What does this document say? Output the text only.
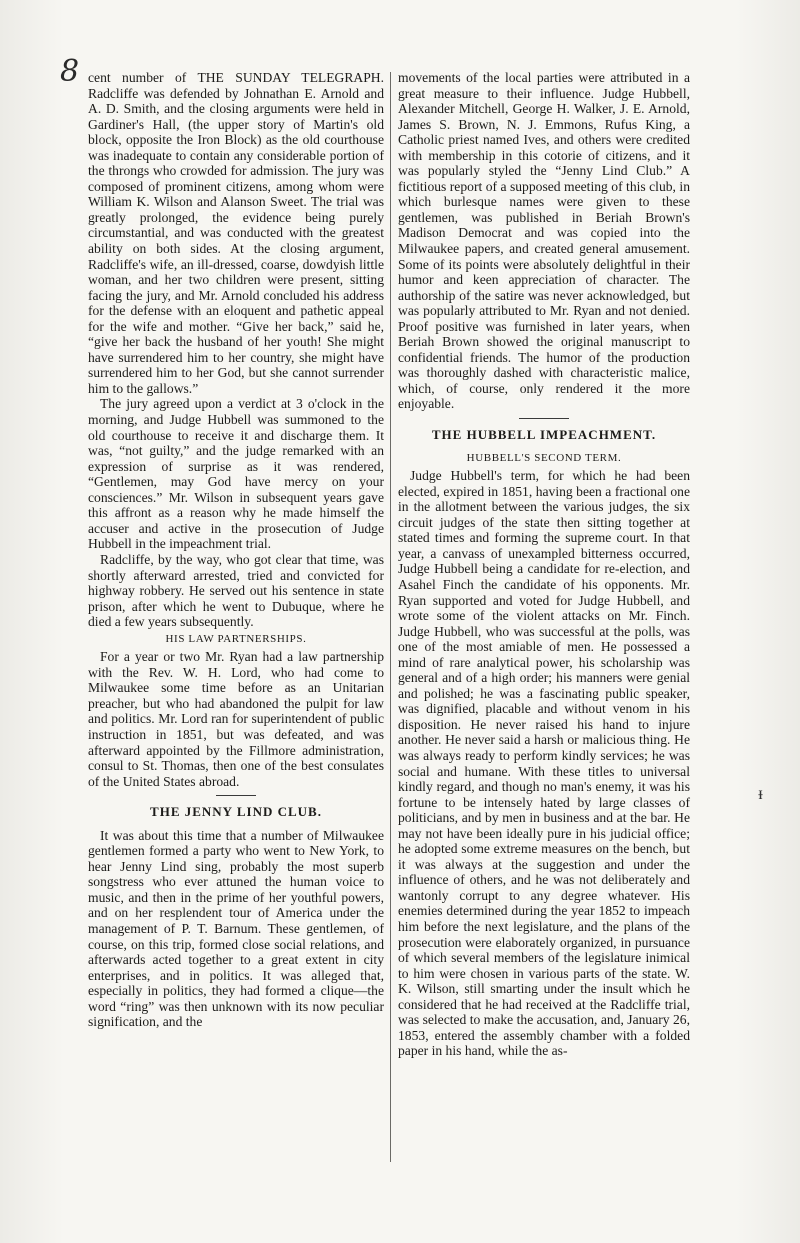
8 cent number of THE SUNDAY TELEGRAPH. Radcliffe was defended by Johnathan E. Arnold and A. D. Smith, and the closing arguments were held in Gardiner's Hall, (the upper story of Martin's old block, opposite the Iron Block) as the old courthouse was inadequate to contain any considerable portion of the throngs who crowded for admission. The jury was composed of prominent citizens, among whom were William K. Wilson and Alanson Sweet. The trial was greatly prolonged, the evidence being purely circumstantial, and was conducted with the greatest ability on both sides. At the closing argument, Radcliffe's wife, an ill-dressed, coarse, dowdyish little woman, and her two children were present, sitting facing the jury, and Mr. Arnold concluded his address for the defense with an eloquent and pathetic appeal for the wife and mother. “Give her back,” said he, “give her back the husband of her youth! She might have surrendered him to her country, she might have surrendered him to her God, but she cannot surrender him to the gallows.”

The jury agreed upon a verdict at 3 o'clock in the morning, and Judge Hubbell was summoned to the old courthouse to receive it and discharge them. It was, “not guilty,” and the judge remarked with an expression of surprise as it was rendered, “Gentlemen, may God have mercy on your consciences.” Mr. Wilson in subsequent years gave this affront as a reason why he made himself the accuser and active in the prosecution of Judge Hubbell in the impeachment trial.

Radcliffe, by the way, who got clear that time, was shortly afterward arrested, tried and convicted for highway robbery. He served out his sentence in state prison, after which he went to Dubuque, where he died a few years subsequently.

HIS LAW PARTNERSHIPS.

For a year or two Mr. Ryan had a law partnership with the Rev. W. H. Lord, who had come to Milwaukee some time before as an Unitarian preacher, but who had abandoned the pulpit for law and politics. Mr. Lord ran for superintendent of public instruction in 1851, but was defeated, and was afterward appointed by the Fillmore administration, consul to St. Thomas, then one of the best consulates of the United States abroad.

THE JENNY LIND CLUB.

It was about this time that a number of Milwaukee gentlemen formed a party who went to New York, to hear Jenny Lind sing, probably the most superb songstress who ever attuned the human voice to music, and then in the prime of her youthful powers, and on her resplendent tour of America under the management of P. T. Barnum. These gentlemen, of course, on this trip, formed close social relations, and afterwards acted together to a great extent in city enterprises, and in politics. It was alleged that, especially in politics, they had formed a clique—the word “ring” was then unknown with its now peculiar signification, and the

movements of the local parties were attributed in a great measure to their influence. Judge Hubbell, Alexander Mitchell, George H. Walker, J. E. Arnold, James S. Brown, N. J. Emmons, Rufus King, a Catholic priest named Ives, and others were credited with membership in this cotorie of citizens, and it was popularly styled the “Jenny Lind Club.” A fictitious report of a supposed meeting of this club, in which burlesque names were given to these gentlemen, was published in Beriah Brown's Madison Democrat and was copied into the Milwaukee papers, and created general amusement. Some of its points were absolutely delightful in their humor and keen appreciation of character. The authorship of the satire was never acknowledged, but was popularly attributed to Mr. Ryan and not denied. Proof positive was furnished in later years, when Beriah Brown showed the original manuscript to confidential friends. The humor of the production was thoroughly dashed with characteristic malice, which, of course, only rendered it the more enjoyable.

THE HUBBELL IMPEACHMENT.
HUBBELL'S SECOND TERM.

Judge Hubbell's term, for which he had been elected, expired in 1851, having been a fractional one in the allotment between the various judges, the six circuit judges of the state then sitting together at stated times and forming the supreme court. In that year, a canvass of unexampled bitterness occurred, Judge Hubbell being a candidate for re-election, and Asahel Finch the candidate of his opponents. Mr. Ryan supported and voted for Judge Hubbell, and wrote some of the violent attacks on Mr. Finch. Judge Hubbell, who was successful at the polls, was one of the most amiable of men. He possessed a mind of rare analytical power, his scholarship was general and of a high order; his manners were genial and polished; he was a fascinating public speaker, was dignified, placable and without venom in his disposition. He never raised his hand to injure another. He never said a harsh or malicious thing. He was always ready to perform kindly services; he was social and humane. With these titles to universal kindly regard, and though no man's enemy, it was his fortune to be intensely hated by large classes of politicians, and by men in business and at the bar. He may not have been ideally pure in his judicial office; he adopted some extreme measures on the bench, but it was always at the suggestion and under the influence of others, and he was not deliberately and wantonly corrupt to any degree whatever. His enemies determined during the year 1852 to impeach him before the next legislature, and the plans of the prosecution were elaborately organized, in pursuance of which several members of the legislature inimical to him were chosen in various parts of the state. W. K. Wilson, still smarting under the insult which he considered that he had received at the Radcliffe trial, was selected to make the accusation, and, January 26, 1853, entered the assembly chamber with a folded paper in his hand, while the as-

ᵻ
